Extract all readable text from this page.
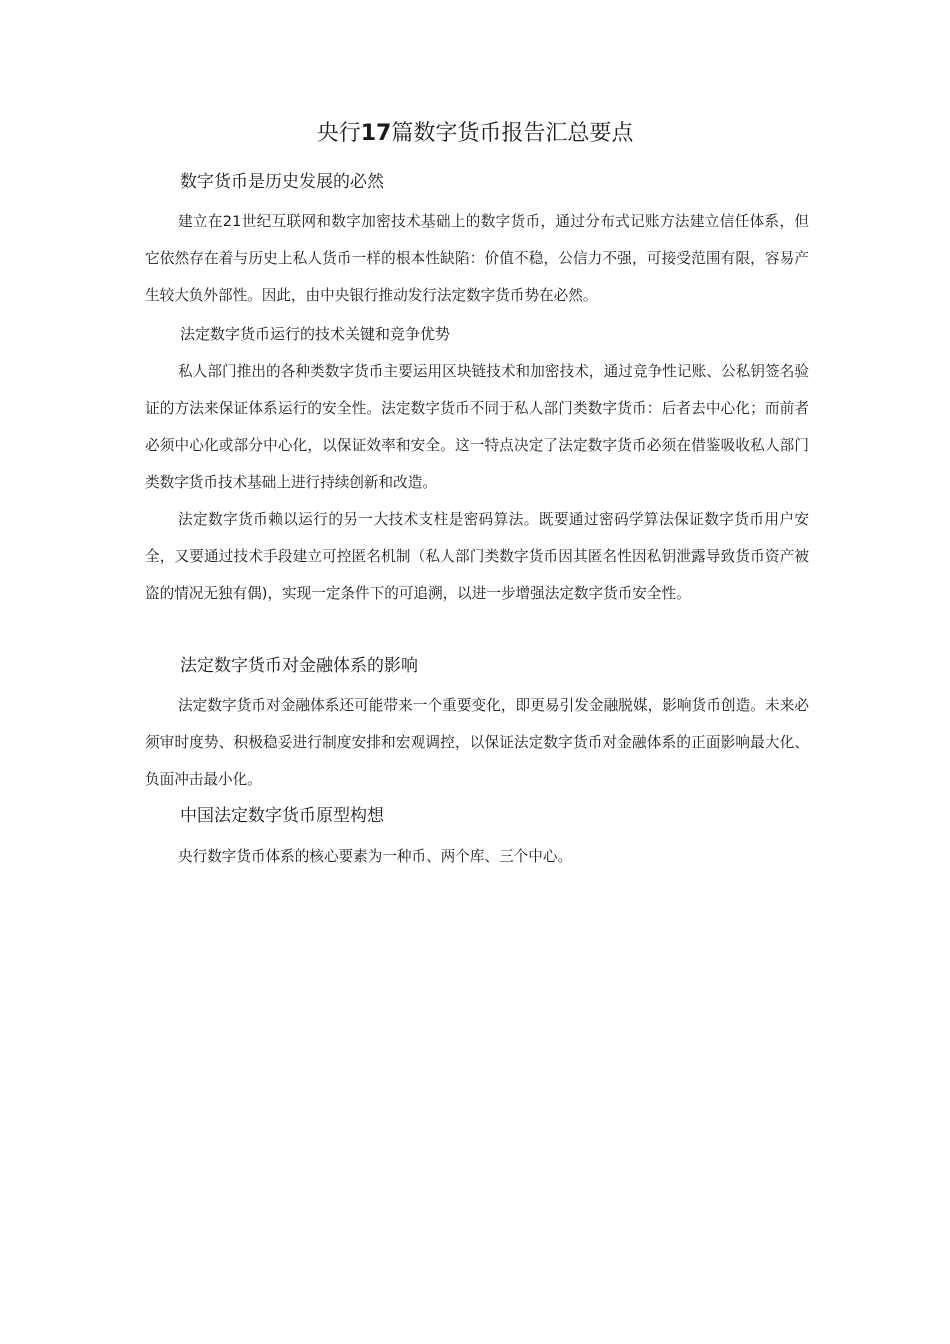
央行17篇数字货币报告汇总要点
数字货币是历史发展的必然

建立在21世纪互联网和数字加密技术基础上的数字货币，通过分布式记账方法建立信任体系，但它依然存在着与历史上私人货币一样的根本性缺陷：价值不稳，公信力不强，可接受范围有限，容易产生较大负外部性。因此，由中央银行推动发行法定数字货币势在必然。

法定数字货币运行的技术关键和竞争优势

私人部门推出的各种类数字货币主要运用区块链技术和加密技术，通过竞争性记账、公私钥签名验证的方法来保证体系运行的安全性。法定数字货币不同于私人部门类数字货币：后者去中心化；而前者必须中心化或部分中心化，以保证效率和安全。这一特点决定了法定数字货币必须在借鉴吸收私人部门类数字货币技术基础上进行持续创新和改造。

法定数字货币赖以运行的另一大技术支柱是密码算法。既要通过密码学算法保证数字货币用户安全，又要通过技术手段建立可控匿名机制（私人部门类数字货币因其匿名性因私钥泄露导致货币资产被盗的情况无独有偶)，实现一定条件下的可追溯，以进一步增强法定数字货币安全性。

法定数字货币对金融体系的影响

法定数字货币对金融体系还可能带来一个重要变化，即更易引发金融脱媒，影响货币创造。未来必须审时度势、积极稳妥进行制度安排和宏观调控，以保证法定数字货币对金融体系的正面影响最大化、负面冲击最小化。

中国法定数字货币原型构想

央行数字货币体系的核心要素为一种币、两个库、三个中心。
